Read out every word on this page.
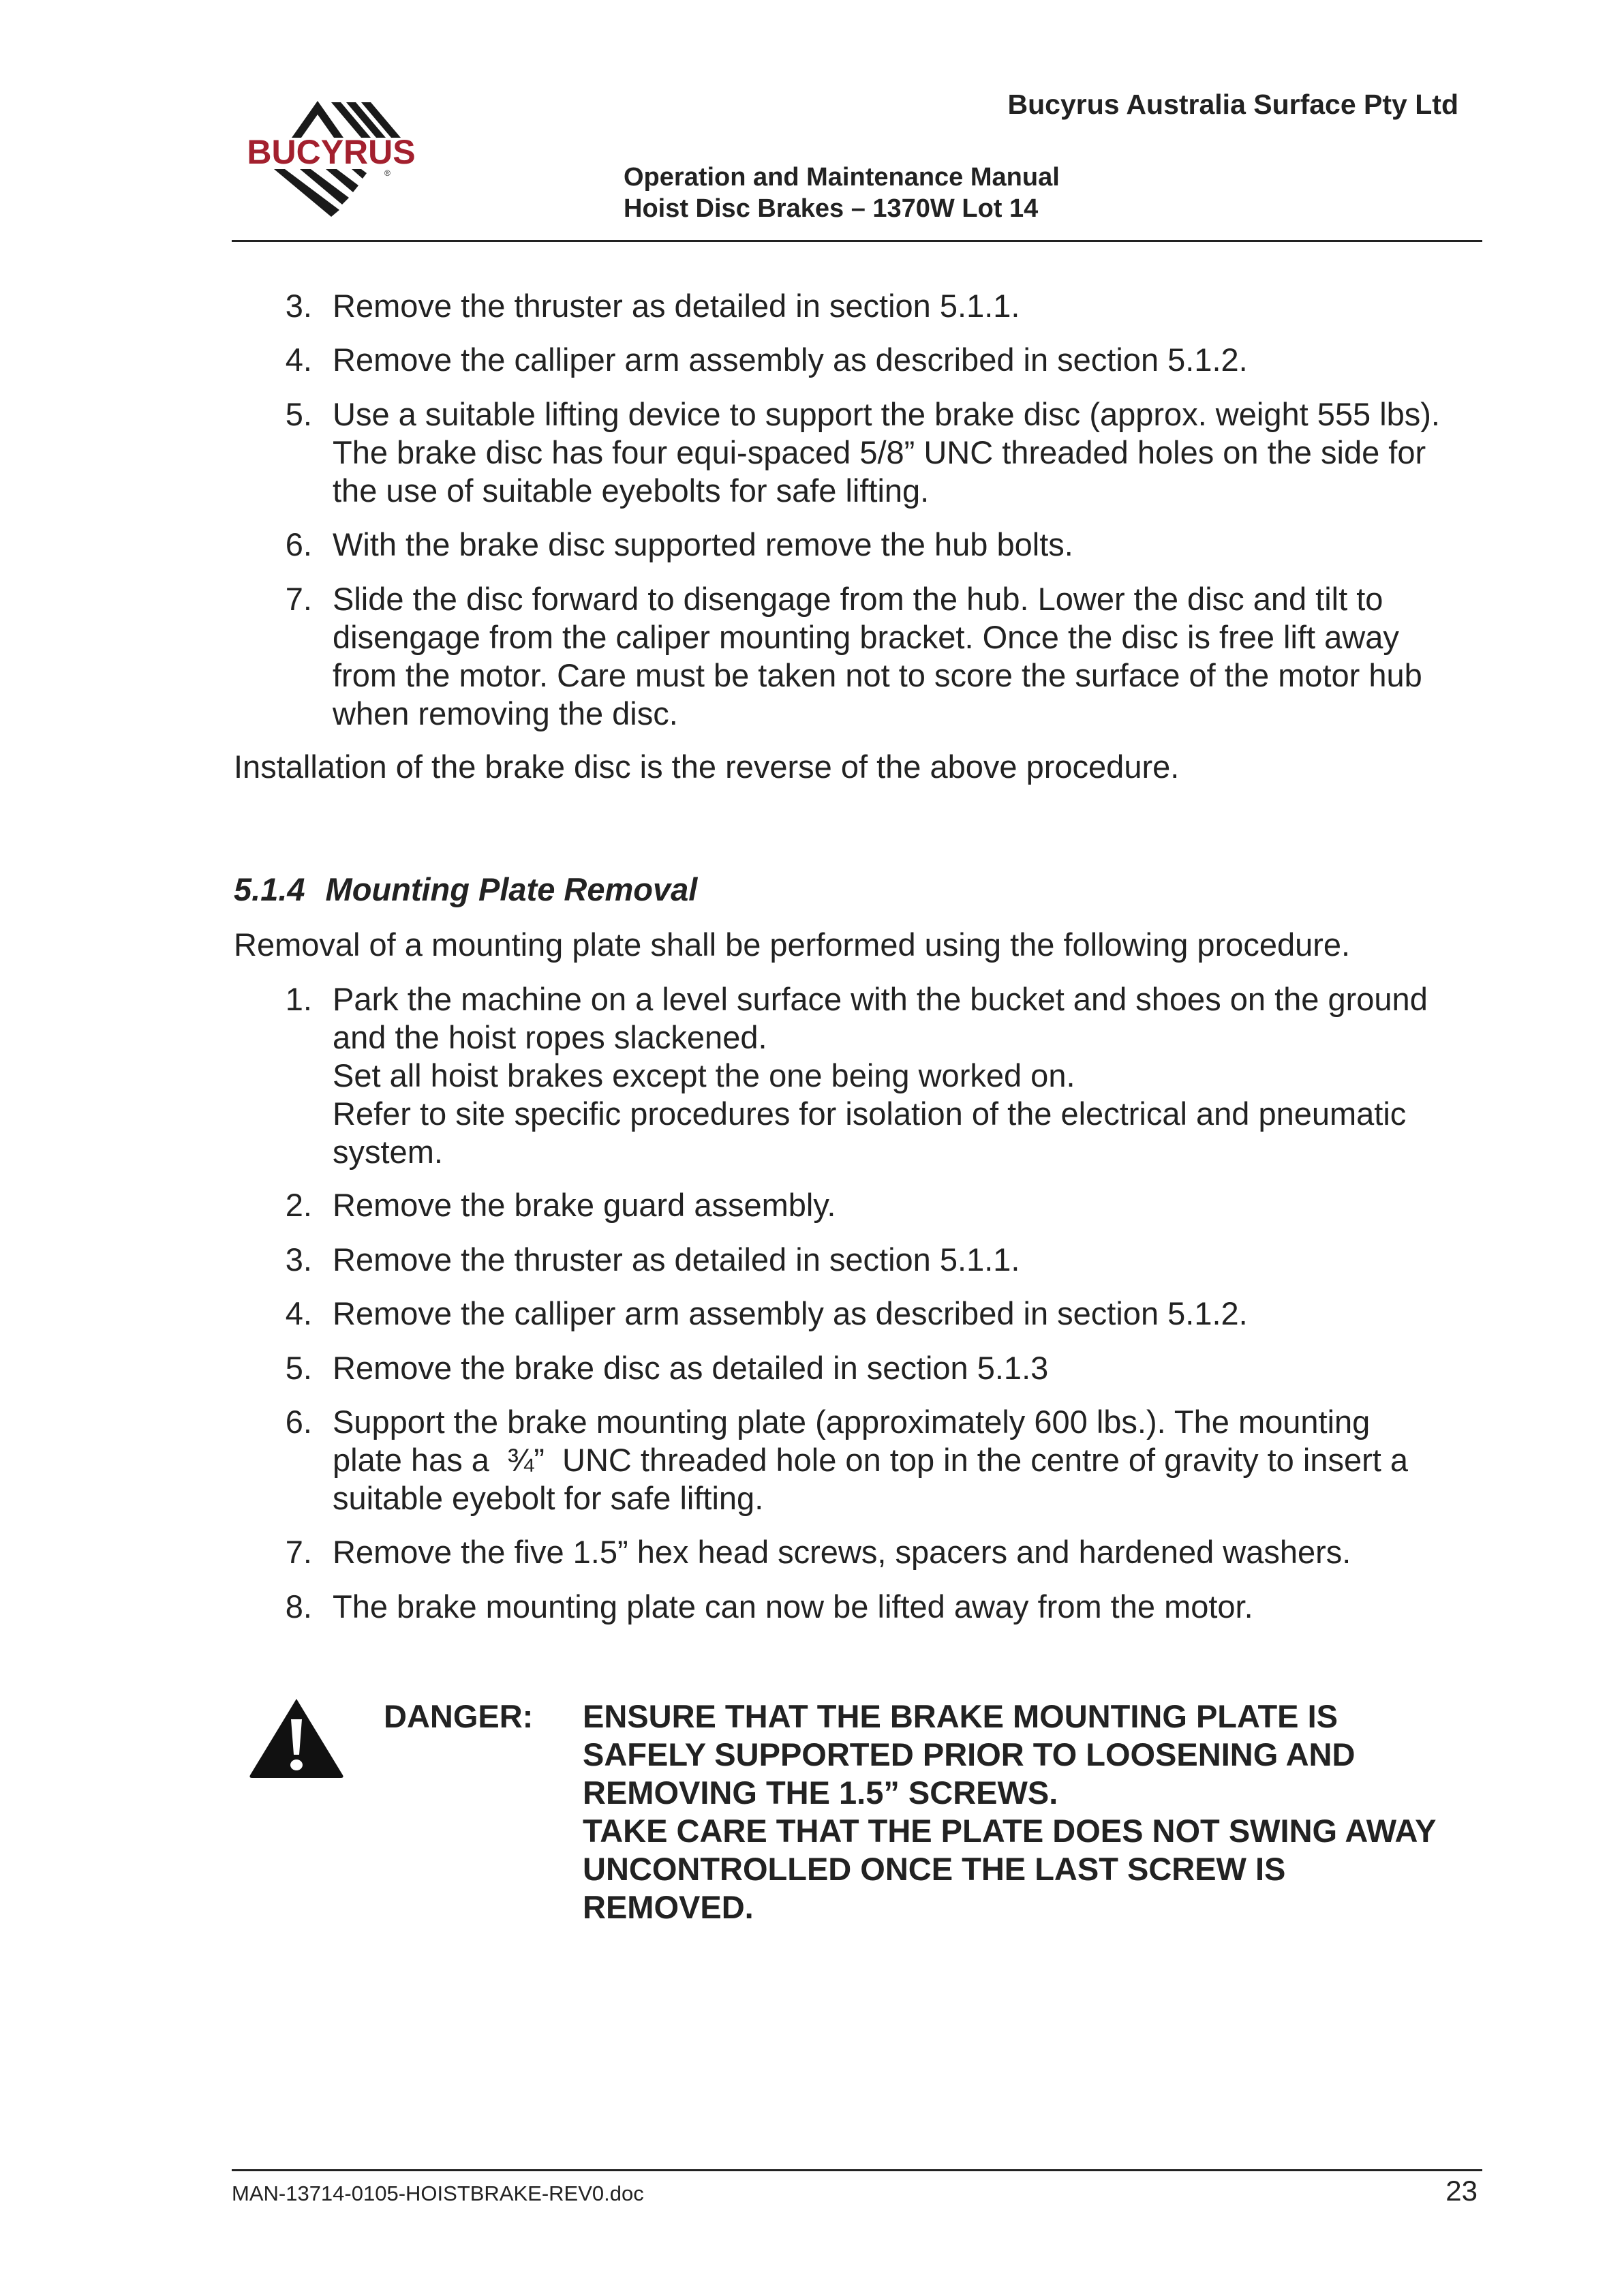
BUCYRUS
®
Bucyrus Australia Surface Pty Ltd
Operation and Maintenance Manual
Hoist Disc Brakes – 1370W Lot 14
3. Remove the thruster as detailed in section 5.1.1.
4. Remove the calliper arm assembly as described in section 5.1.2.
5. Use a suitable lifting device to support the brake disc (approx. weight 555 lbs).
The brake disc has four equi-spaced 5/8” UNC threaded holes on the side for
the use of suitable eyebolts for safe lifting.
6. With the brake disc supported remove the hub bolts.
7. Slide the disc forward to disengage from the hub. Lower the disc and tilt to
disengage from the caliper mounting bracket. Once the disc is free lift away
from the motor. Care must be taken not to score the surface of the motor hub
when removing the disc.
Installation of the brake disc is the reverse of the above procedure.
5.1.4 Mounting Plate Removal
Removal of a mounting plate shall be performed using the following procedure.
1. Park the machine on a level surface with the bucket and shoes on the ground
and the hoist ropes slackened.
Set all hoist brakes except the one being worked on.
Refer to site specific procedures for isolation of the electrical and pneumatic
system.
2. Remove the brake guard assembly.
3. Remove the thruster as detailed in section 5.1.1.
4. Remove the calliper arm assembly as described in section 5.1.2.
5. Remove the brake disc as detailed in section 5.1.3
6. Support the brake mounting plate (approximately 600 lbs.). The mounting
plate has a  ¾”  UNC threaded hole on top in the centre of gravity to insert a
suitable eyebolt for safe lifting.
7. Remove the five 1.5” hex head screws, spacers and hardened washers.
8. The brake mounting plate can now be lifted away from the motor.
DANGER: ENSURE THAT THE BRAKE MOUNTING PLATE IS
SAFELY SUPPORTED PRIOR TO LOOSENING AND
REMOVING THE 1.5” SCREWS.
TAKE CARE THAT THE PLATE DOES NOT SWING AWAY
UNCONTROLLED ONCE THE LAST SCREW IS
REMOVED.
MAN-13714-0105-HOISTBRAKE-REV0.doc	23
